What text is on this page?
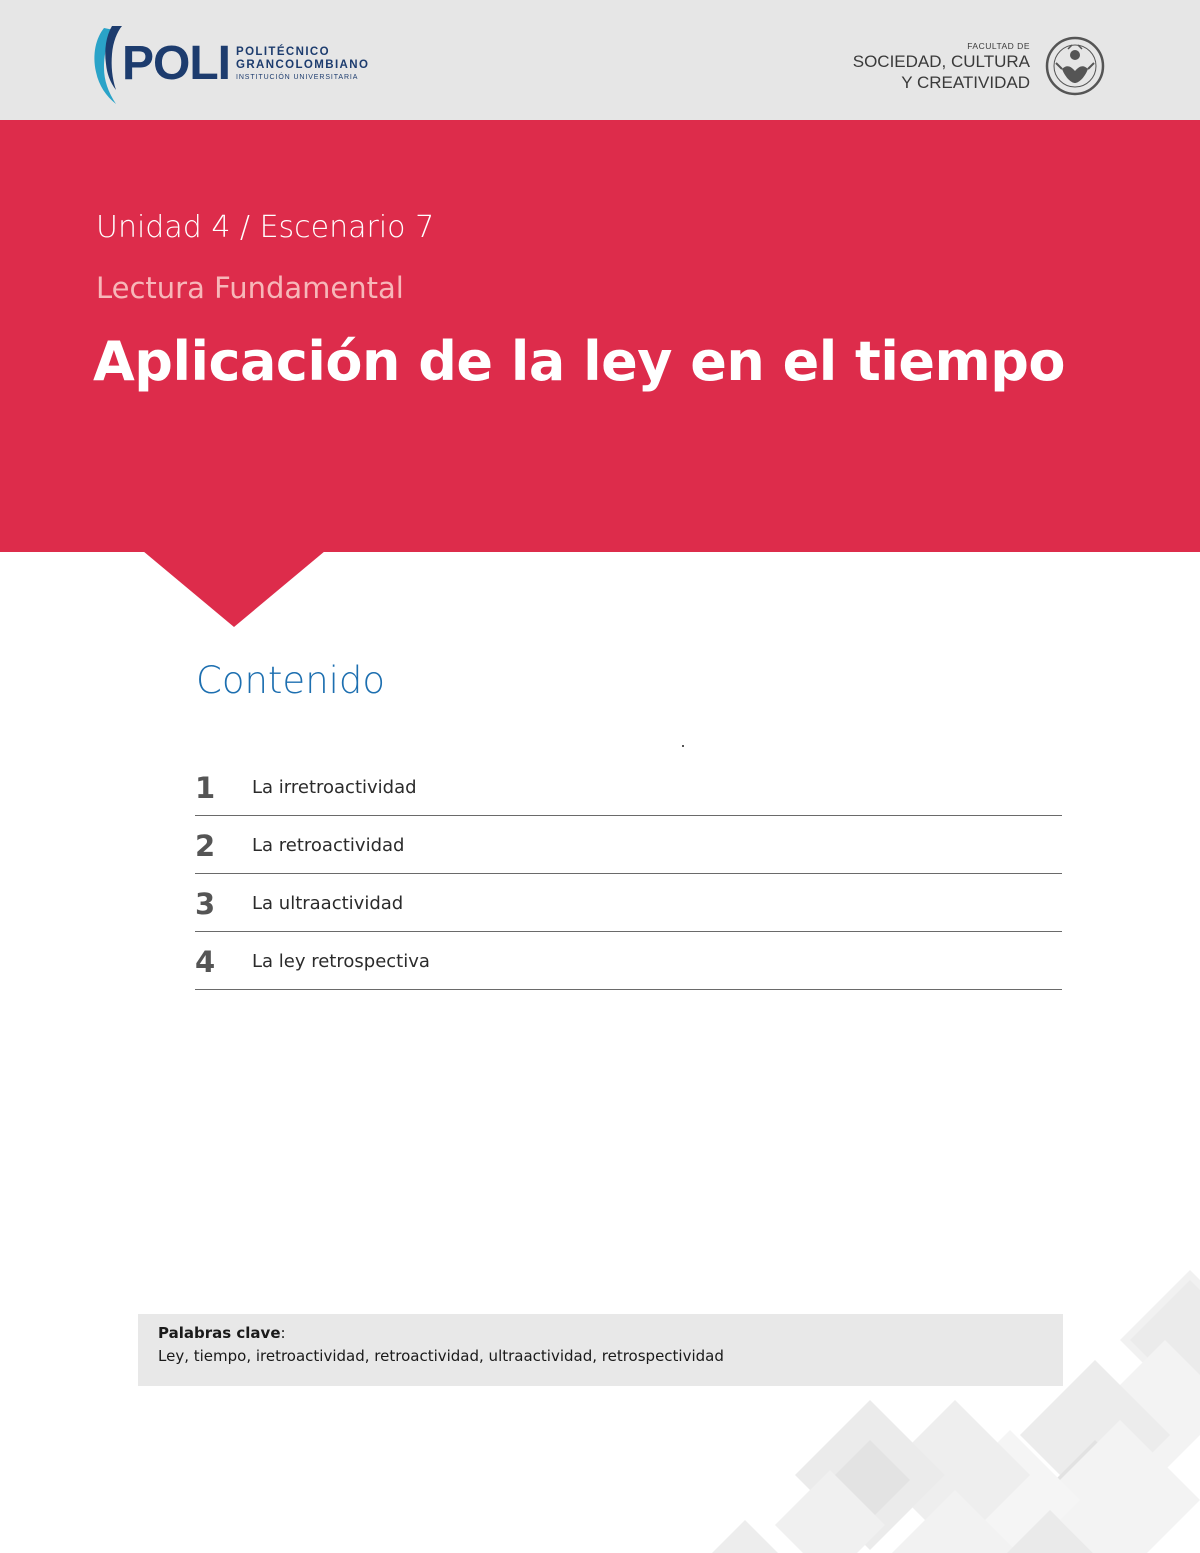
POLI POLITÉCNICO
GRANCOLOMBIANO
INSTITUCIÓN UNIVERSITARIA
FACULTAD DE
SOCIEDAD, CULTURA
Y CREATIVIDAD
Unidad 4 / Escenario 7
Lectura Fundamental
Aplicación de la ley en el tiempo
Contenido
1 La irretroactividad
2 La retroactividad
3 La ultraactividad
4 La ley retrospectiva
Palabras clave:
Ley, tiempo, iretroactividad, retroactividad, ultraactividad, retrospectividad
